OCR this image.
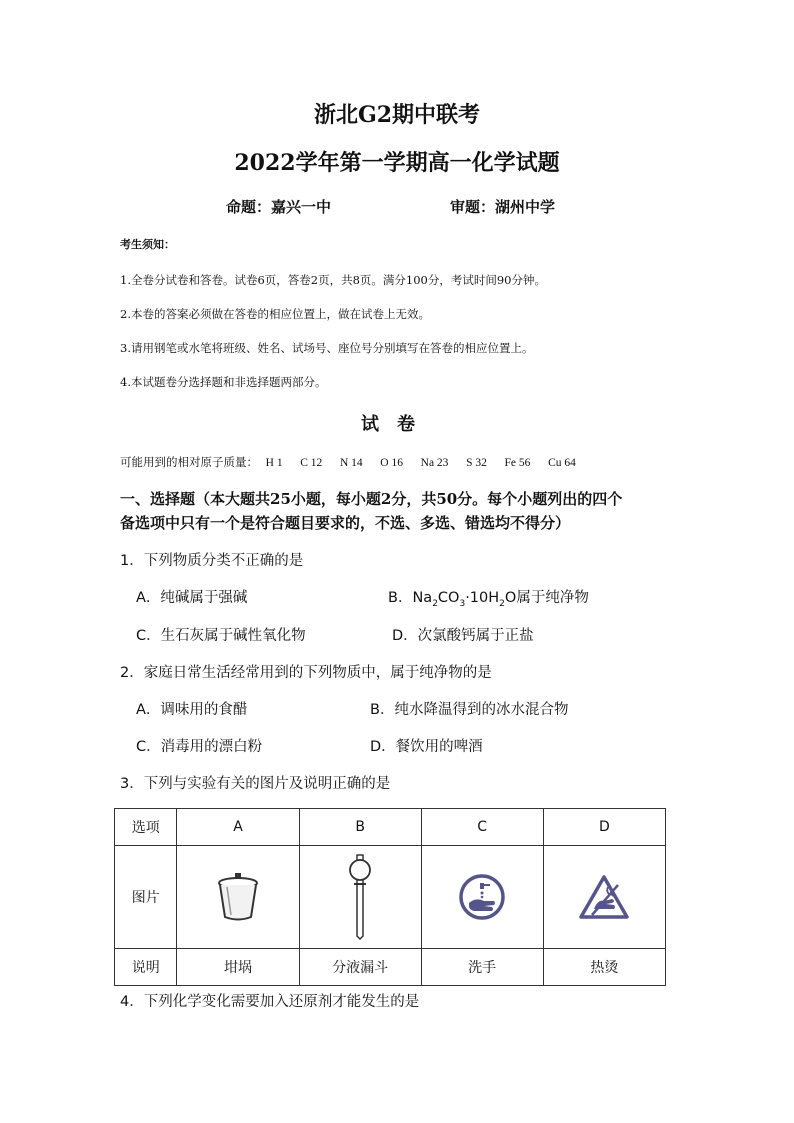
浙北G2期中联考
2022学年第一学期高一化学试题
命题：嘉兴一中	审题：湖州中学
考生须知：
1.全卷分试卷和答卷。试卷6页，答卷2页，共8页。满分100分，考试时间90分钟。
2.本卷的答案必须做在答卷的相应位置上，做在试卷上无效。
3.请用钢笔或水笔将班级、姓名、试场号、座位号分别填写在答卷的相应位置上。
4.本试题卷分选择题和非选择题两部分。
试卷
可能用到的相对原子质量： H 1 C 12 N 14 O 16 Na 23 S 32 Fe 56 Cu 64
一、选择题（本大题共25小题，每小题2分，共50分。每个小题列出的四个
备选项中只有一个是符合题目要求的，不选、多选、错选均不得分）
1．下列物质分类不正确的是
A．纯碱属于强碱	B．$Na_2CO_3\cdot 10H_2O$属于纯净物
C．生石灰属于碱性氧化物	D．次氯酸钙属于正盐
2．家庭日常生活经常用到的下列物质中，属于纯净物的是
A．调味用的食醋	B．纯水降温得到的冰水混合物
C．消毒用的漂白粉	D．餐饮用的啤酒
3．下列与实验有关的图片及说明正确的是
选项	A	B	C	D
图片				
说明	坩埚	分液漏斗	洗手	热烫
4．下列化学变化需要加入还原剂才能发生的是
